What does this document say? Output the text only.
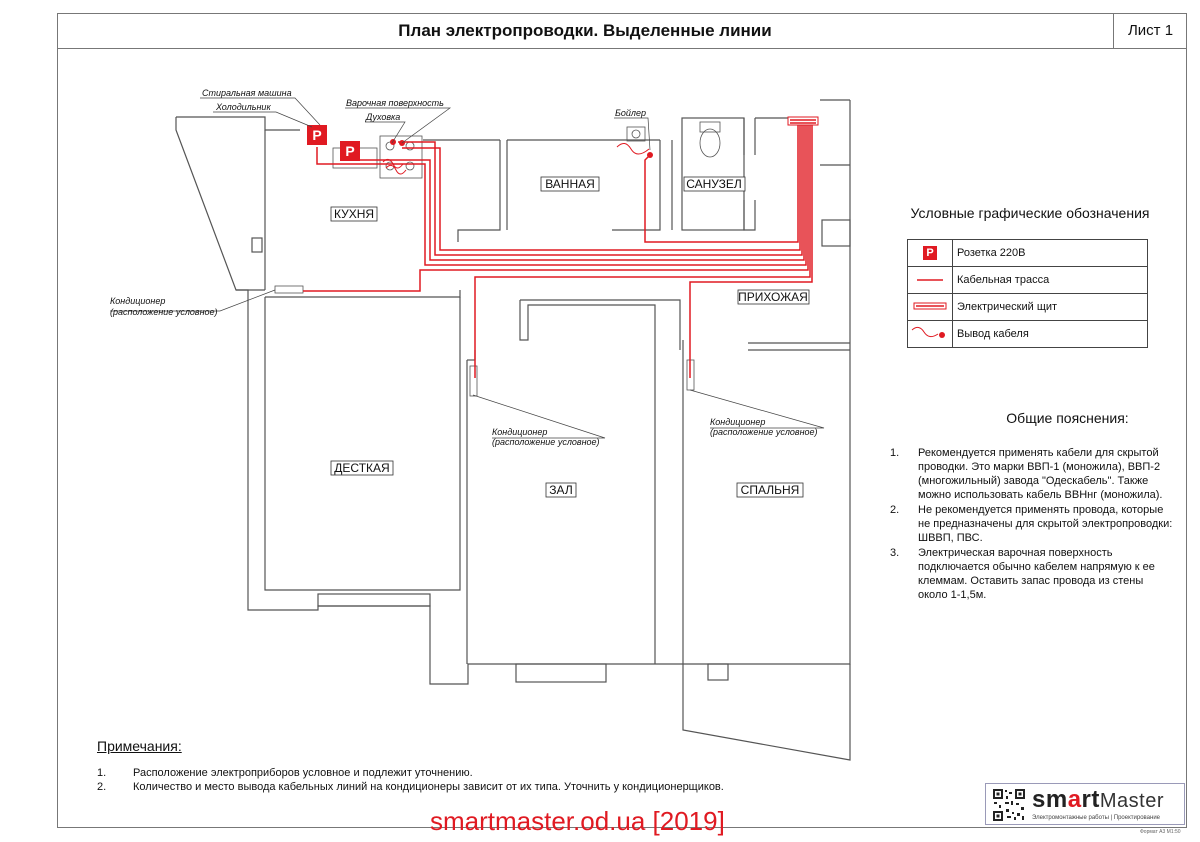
План электропроводки. Выделенные линии	Лист 1
P
P
Стиральная машина
Холодильник	Варочная поверхность
Духовка	Бойлер
Кондиционер
(расположение условное)
Кондиционер
(расположение условное)
Кондиционер
(расположение условное)
КУХНЯ
ВАННАЯ	САНУЗЕЛ
ПРИХОЖАЯ
ДЕСТКАЯ
ЗАЛ	СПАЛЬНЯ
Условные графические обозначения
P	Розетка 220В
	Кабельная трасса
	Электрический щит
	Вывод кабеля
Общие пояснения:
1.	Рекомендуется применять кабели для скрытой проводки. Это марки ВВП-1 (моножила), ВВП-2 (многожильный) завода "Одескабель". Также можно использовать кабель ВВНнг (моножила).
2.	Не рекомендуется применять провода, которые не предназначены для скрытой электропроводки: ШВВП, ПВС.
3.	Электрическая варочная поверхность подключается обычно кабелем напрямую к ее клеммам. Оставить запас провода из стены около 1-1,5м.
Примечания:
1.	Расположение электроприборов условное и подлежит уточнению.
2.	Количество и место вывода кабельных линий на кондиционеры зависит от их типа. Уточнить у кондиционерщиков.
smartmaster.od.ua [2019]
smartMaster
Электромонтажные работы | Проектирование
Формат А3 М1:50
